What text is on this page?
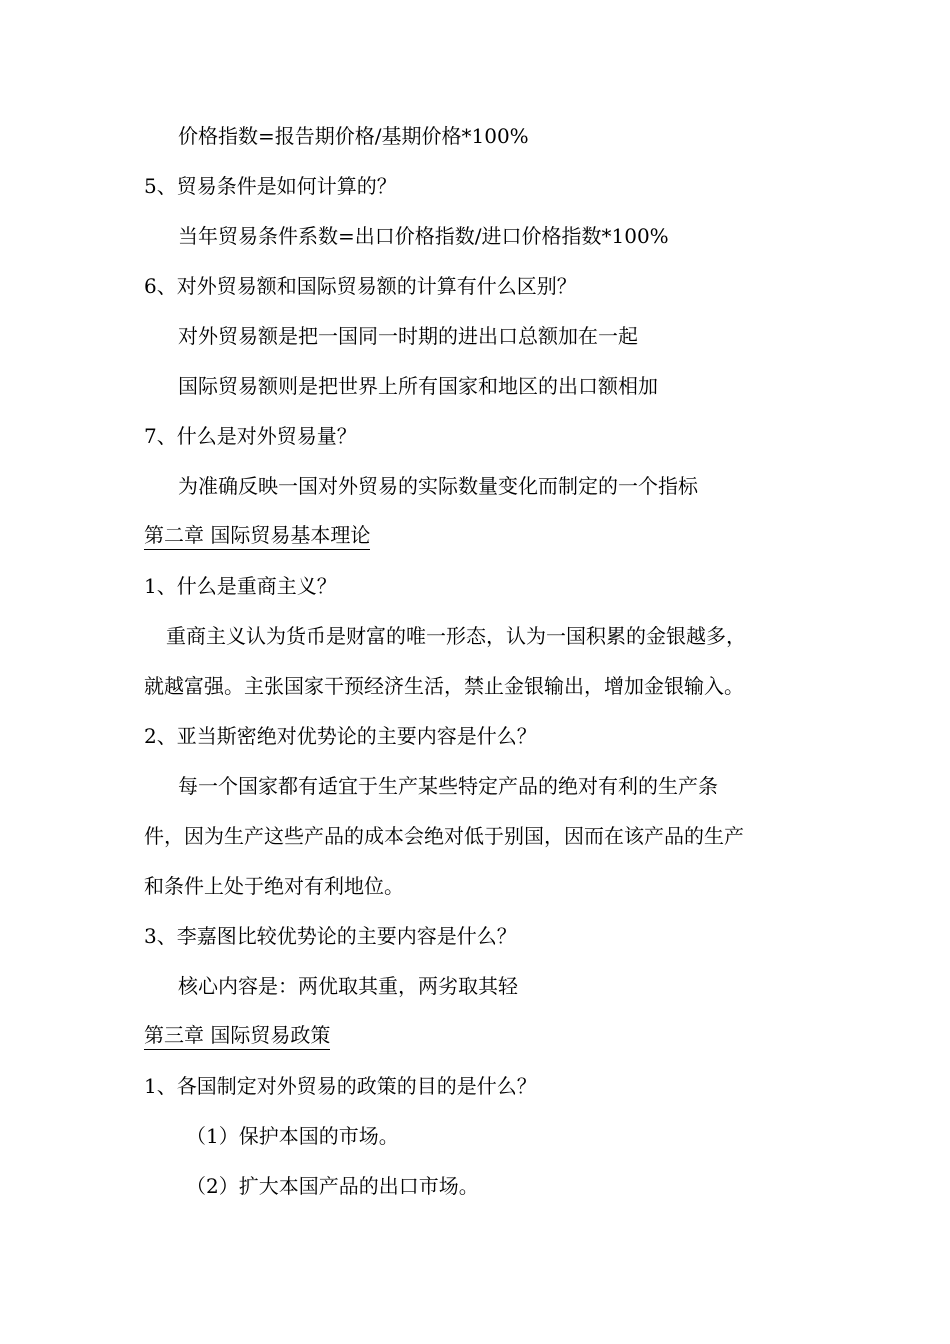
价格指数=报告期价格/基期价格*100%
5、贸易条件是如何计算的？
当年贸易条件系数=出口价格指数/进口价格指数*100%
6、对外贸易额和国际贸易额的计算有什么区别？
对外贸易额是把一国同一时期的进出口总额加在一起
国际贸易额则是把世界上所有国家和地区的出口额相加
7、什么是对外贸易量？
为准确反映一国对外贸易的实际数量变化而制定的一个指标
第二章 国际贸易基本理论
1、什么是重商主义？
重商主义认为货币是财富的唯一形态，认为一国积累的金银越多，
就越富强。主张国家干预经济生活，禁止金银输出，增加金银输入。
2、亚当斯密绝对优势论的主要内容是什么？
每一个国家都有适宜于生产某些特定产品的绝对有利的生产条
件，因为生产这些产品的成本会绝对低于别国，因而在该产品的生产
和条件上处于绝对有利地位。
3、李嘉图比较优势论的主要内容是什么？
核心内容是：两优取其重，两劣取其轻
第三章 国际贸易政策
1、各国制定对外贸易的政策的目的是什么？
（1）保护本国的市场。
（2）扩大本国产品的出口市场。
